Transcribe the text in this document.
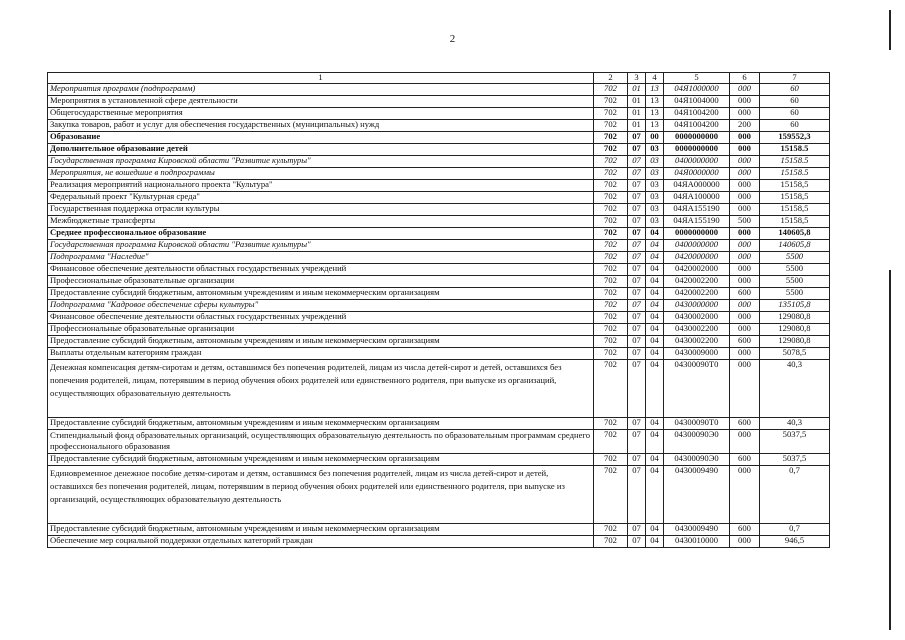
2
1	2	3	4	5	6	7
Мероприятия программ (подпрограмм)	702	01	13	04Я1000000	000	60
Мероприятия в установленной сфере деятельности	702	01	13	04Я1004000	000	60
Общегосударственные мероприятия	702	01	13	04Я1004200	000	60
Закупка товаров, работ и услуг для обеспечения государственных (муниципальных) нужд	702	01	13	04Я1004200	200	60
Образование	702	07	00	0000000000	000	159552,3
Дополнительное образование детей	702	07	03	0000000000	000	15158.5
Государственная программа Кировской области "Развитие культуры"	702	07	03	0400000000	000	15158.5
Мероприятия, не вошедшие в подпрограммы	702	07	03	04Я0000000	000	15158.5
Реализация мероприятий национального проекта "Культура"	702	07	03	04ЯА000000	000	15158,5
Федеральный проект "Культурная среда"	702	07	03	04ЯА100000	000	15158,5
Государственная поддержка отрасли культуры	702	07	03	04ЯА155190	000	15158,5
Межбюджетные трансферты	702	07	03	04ЯА155190	500	15158,5
Среднее профессиональное образование	702	07	04	0000000000	000	140605,8
Государственная программа Кировской области "Развитие культуры"	702	07	04	0400000000	000	140605,8
Подпрограмма "Наследие"	702	07	04	0420000000	000	5500
Финансовое обеспечение деятельности областных государственных учреждений	702	07	04	0420002000	000	5500
Профессиональные образовательные организации	702	07	04	0420002200	000	5500
Предоставление субсидий бюджетным, автономным учреждениям и иным некоммерческим организациям	702	07	04	0420002200	600	5500
Подпрограмма "Кадровое обеспечение сферы культуры"	702	07	04	0430000000	000	135105,8
Финансовое обеспечение деятельности областных государственных учреждений	702	07	04	0430002000	000	129080,8
Профессиональные образовательные организации	702	07	04	0430002200	000	129080,8
Предоставление субсидий бюджетным, автономным учреждениям и иным некоммерческим организациям	702	07	04	0430002200	600	129080,8
Выплаты отдельным категориям граждан	702	07	04	0430009000	000	5078,5
Денежная компенсация детям-сиротам и детям, оставшимся без попечения родителей, лицам из числа детей-сирот и детей, оставшихся без попечения родителей, лицам, потерявшим в период обучения обоих родителей или единственного родителя, при выпуске из организаций, осуществляющих образовательную деятельность	702	07	04	04300090Т0	000	40,3
Предоставление субсидий бюджетным, автономным учреждениям и иным некоммерческим организациям	702	07	04	04300090Т0	600	40,3
Стипендиальный фонд образовательных организаций, осуществляющих образовательную деятельность по образовательным программам среднего профессионального образования	702	07	04	04300090Э0	000	5037,5
Предоставление субсидий бюджетным, автономным учреждениям и иным некоммерческим организациям	702	07	04	04300090Э0	600	5037,5
Единовременное денежное пособие детям-сиротам и детям, оставшимся без попечения родителей, лицам из числа детей-сирот и детей, оставшихся без попечения родителей, лицам, потерявшим в период обучения обоих родителей или единственного родителя, при выпуске из организаций, осуществляющих образовательную деятельность	702	07	04	0430009490	000	0,7
Предоставление субсидий бюджетным, автономным учреждениям и иным некоммерческим организациям	702	07	04	0430009490	600	0,7
Обеспечение мер социальной поддержки отдельных категорий граждан	702	07	04	0430010000	000	946,5
